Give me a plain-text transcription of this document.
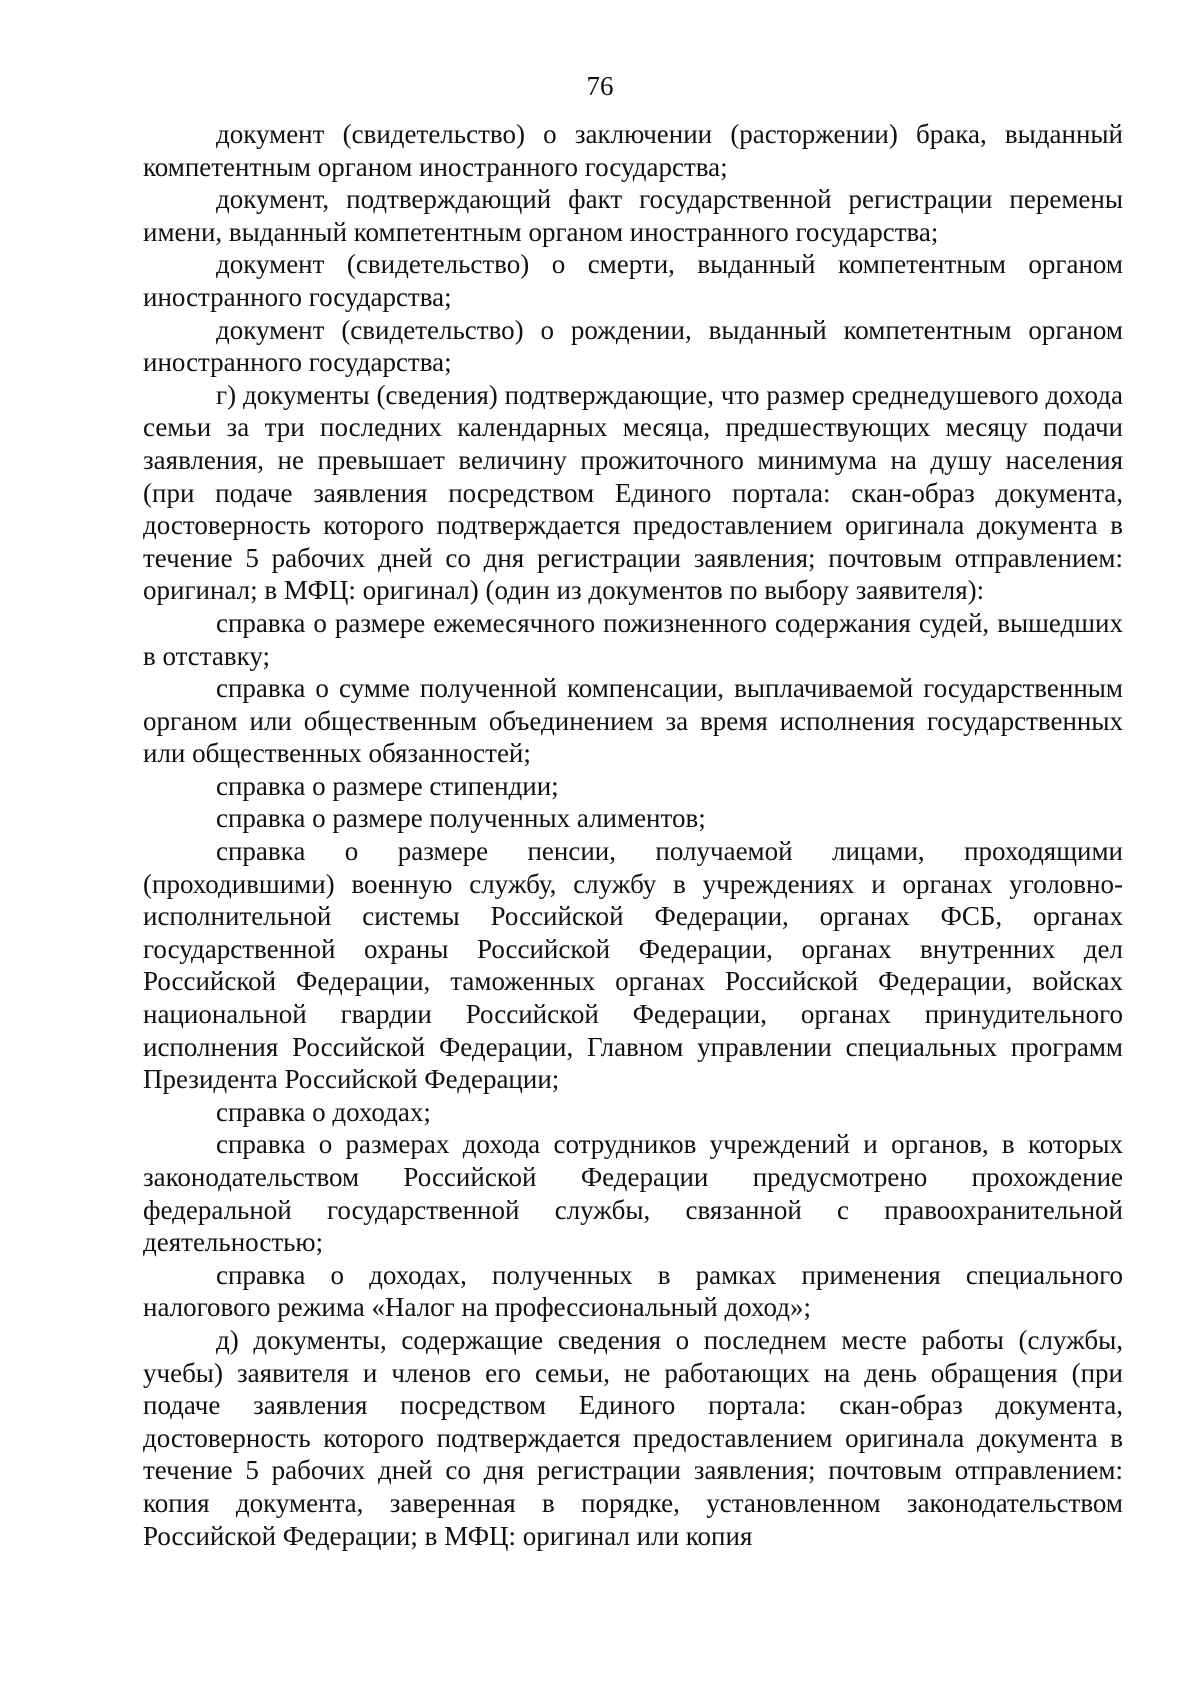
76

документ (свидетельство) о заключении (расторжении) брака, выданный компетентным органом иностранного государства;

документ, подтверждающий факт государственной регистрации перемены имени, выданный компетентным органом иностранного государства;

документ (свидетельство) о смерти, выданный компетентным органом иностранного государства;

документ (свидетельство) о рождении, выданный компетентным органом иностранного государства;

г) документы (сведения) подтверждающие, что размер среднедушевого дохода семьи за три последних календарных месяца, предшествующих месяцу подачи заявления, не превышает величину прожиточного минимума на душу населения (при подаче заявления посредством Единого портала: скан-образ документа, достоверность которого подтверждается предоставлением оригинала документа в течение 5 рабочих дней со дня регистрации заявления; почтовым отправлением: оригинал; в МФЦ: оригинал) (один из документов по выбору заявителя):

справка о размере ежемесячного пожизненного содержания судей, вышедших в отставку;

справка о сумме полученной компенсации, выплачиваемой государственным органом или общественным объединением за время исполнения государственных или общественных обязанностей;

справка о размере стипендии;

справка о размере полученных алиментов;

справка о размере пенсии, получаемой лицами, проходящими (проходившими) военную службу, службу в учреждениях и органах уголовно-исполнительной системы Российской Федерации, органах ФСБ, органах государственной охраны Российской Федерации, органах внутренних дел Российской Федерации, таможенных органах Российской Федерации, войсках национальной гвардии Российской Федерации, органах принудительного исполнения Российской Федерации, Главном управлении специальных программ Президента Российской Федерации;

справка о доходах;

справка о размерах дохода сотрудников учреждений и органов, в которых законодательством Российской Федерации предусмотрено прохождение федеральной государственной службы, связанной с правоохранительной деятельностью;

справка о доходах, полученных в рамках применения специального налогового режима «Налог на профессиональный доход»;

д) документы, содержащие сведения о последнем месте работы (службы, учебы) заявителя и членов его семьи, не работающих на день обращения (при подаче заявления посредством Единого портала: скан-образ документа, достоверность которого подтверждается предоставлением оригинала документа в течение 5 рабочих дней со дня регистрации заявления; почтовым отправлением: копия документа, заверенная в порядке, установленном законодательством Российской Федерации; в МФЦ: оригинал или копия
